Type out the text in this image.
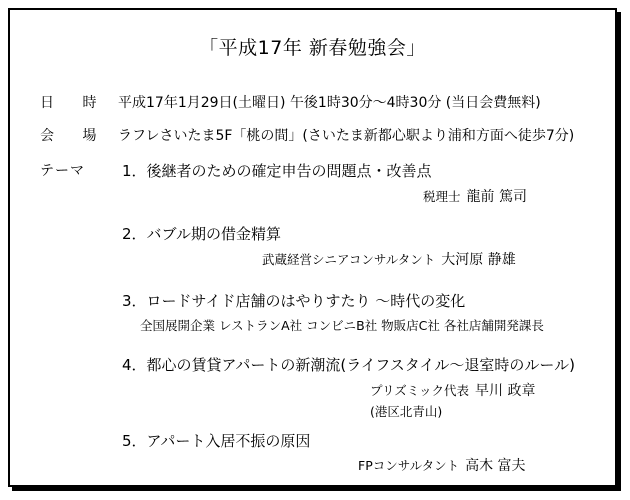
「平成17年 新春勉強会」
日 時 平成17年1月29日(土曜日) 午後1時30分〜4時30分 (当日会費無料)
会 場 ラフレさいたま5F「桃の間」(さいたま新都心駅より浦和方面へ徒歩7分)
テーマ 1．後継者のための確定申告の問題点・改善点
税理士 龍前 篤司
2．バブル期の借金精算
武蔵経営シニアコンサルタント 大河原 静雄
3．ロードサイド店舗のはやりすたり 〜時代の変化
全国展開企業 レストランA社 コンビニB社 物販店C社 各社店舗開発課長
4．都心の賃貸アパートの新潮流(ライフスタイル〜退室時のルール)
プリズミック代表 早川 政章
(港区北青山)
5．アパート入居不振の原因
FPコンサルタント 高木 富夫
